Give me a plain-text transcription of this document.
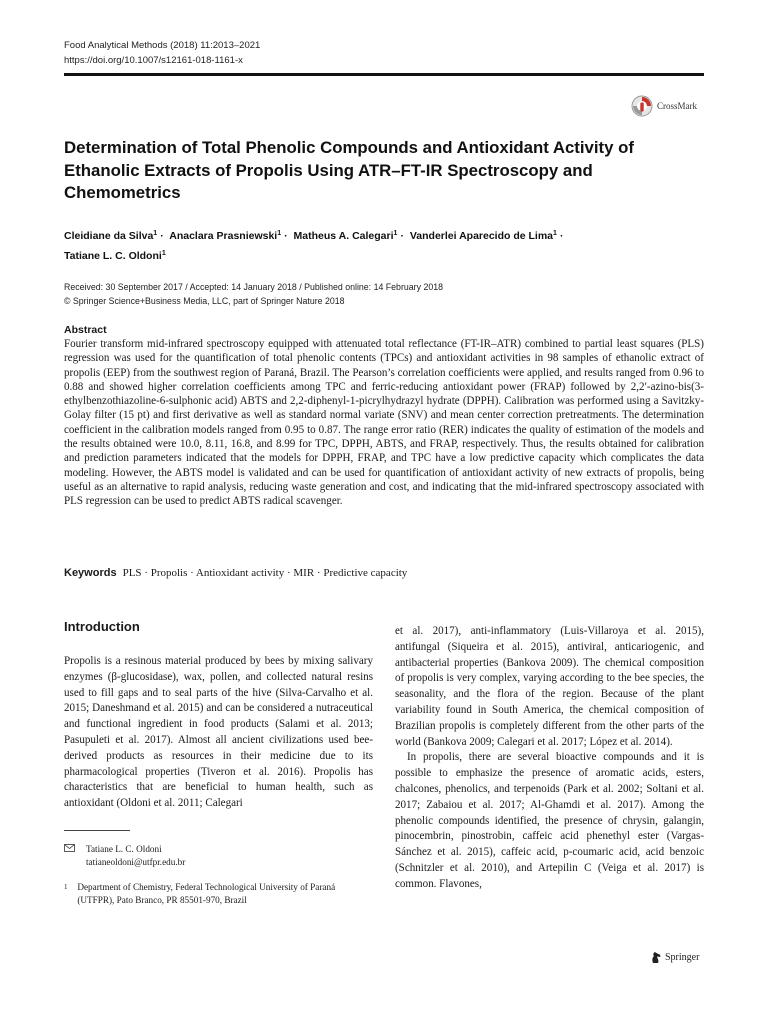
Food Analytical Methods (2018) 11:2013–2021
https://doi.org/10.1007/s12161-018-1161-x
CrossMark
Determination of Total Phenolic Compounds and Antioxidant Activity of Ethanolic Extracts of Propolis Using ATR–FT-IR Spectroscopy and Chemometrics
Cleidiane da Silva$^1$ · Anaclara Prasniewski$^1$ · Matheus A. Calegari$^1$ · Vanderlei Aparecido de Lima$^1$ ·
Tatiane L. C. Oldoni$^1$
Received: 30 September 2017 / Accepted: 14 January 2018 / Published online: 14 February 2018
© Springer Science+Business Media, LLC, part of Springer Nature 2018
Abstract

Fourier transform mid-infrared spectroscopy equipped with attenuated total reflectance (FT-IR–ATR) combined to partial least squares (PLS) regression was used for the quantification of total phenolic contents (TPCs) and antioxidant activities in 98 samples of ethanolic extract of propolis (EEP) from the southwest region of Paraná, Brazil. The Pearson’s correlation coefficients were applied, and results ranged from 0.96 to 0.88 and showed higher correlation coefficients among TPC and ferric-reducing antioxidant power (FRAP) followed by 2,2′-azino-bis(3-ethylbenzothiazoline-6-sulphonic acid) ABTS and 2,2-diphenyl-1-picrylhydrazyl hydrate (DPPH). Calibration was performed using a Savitzky-Golay filter (15 pt) and first derivative as well as standard normal variate (SNV) and mean center correction pretreatments. The determination coefficient in the calibration models ranged from 0.95 to 0.87. The range error ratio (RER) indicates the quality of estimation of the models and the results obtained were 10.0, 8.11, 16.8, and 8.99 for TPC, DPPH, ABTS, and FRAP, respectively. Thus, the results obtained for calibration and prediction parameters indicated that the models for DPPH, FRAP, and TPC have a low predictive capacity which complicates the data modeling. However, the ABTS model is validated and can be used for quantification of antioxidant activity of new extracts of propolis, being useful as an alternative to rapid analysis, reducing waste generation and cost, and indicating that the mid-infrared spectroscopy associated with PLS regression can be used to predict ABTS radical scavenger.

Keywords PLS · Propolis · Antioxidant activity · MIR · Predictive capacity
Introduction

Propolis is a resinous material produced by bees by mixing salivary enzymes (β-glucosidase), wax, pollen, and collected natural resins used to fill gaps and to seal parts of the hive (Silva-Carvalho et al. 2015; Daneshmand et al. 2015) and can be considered a nutraceutical and functional ingredient in food products (Salami et al. 2013; Pasupuleti et al. 2017). Almost all ancient civilizations used bee-derived products as resources in their medicine due to its pharmacological properties (Tiveron et al. 2016). Propolis has characteristics that are beneficial to human health, such as antioxidant (Oldoni et al. 2011; Calegari

et al. 2017), anti-inflammatory (Luis-Villaroya et al. 2015), antifungal (Siqueira et al. 2015), antiviral, anticariogenic, and antibacterial properties (Bankova 2009). The chemical composition of propolis is very complex, varying according to the bee species, the seasonality, and the flora of the region. Because of the plant variability found in South America, the chemical composition of Brazilian propolis is completely different from the other parts of the world (Bankova 2009; Calegari et al. 2017; López et al. 2014).

In propolis, there are several bioactive compounds and it is possible to emphasize the presence of aromatic acids, esters, chalcones, phenolics, and terpenoids (Park et al. 2002; Soltani et al. 2017; Zabaiou et al. 2017; Al-Ghamdi et al. 2017). Among the phenolic compounds identified, the presence of chrysin, galangin, pinocembrin, pinostrobin, caffeic acid phenethyl ester (Vargas-Sánchez et al. 2015), caffeic acid, p-coumaric acid, acid benzoic (Schnitzler et al. 2010), and Artepilin C (Veiga et al. 2017) is common. Flavones,

Tatiane L. C. Oldoni
tatianeoldoni@utfpr.edu.br
1	Department of Chemistry, Federal Technological University of Paraná (UTFPR), Pato Branco, PR 85501-970, Brazil
Springer
